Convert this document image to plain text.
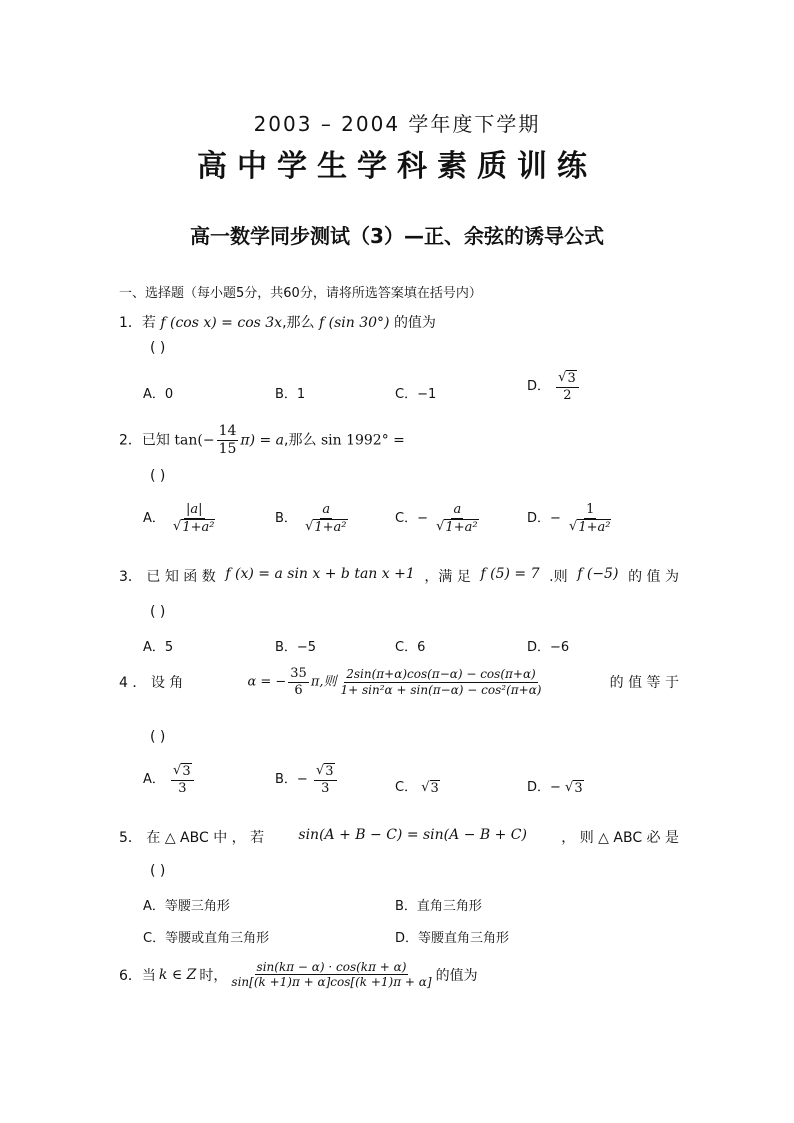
2003 – 2004 学年度下学期
高中学生学科素质训练
高一数学同步测试（3）—正、余弦的诱导公式
一、选择题（每小题5分，共60分，请将所选答案填在括号内）
1．若 f (cos x) = cos 3x,那么 f (sin 30°) 的值为
( )
A．0	B．1	C．−1
D． $\frac{√ 3}{2}$
2．已知 $\tan(- \frac{14}{15} \pi) = a$,那么 sin 1992° =
( )
A． $\frac{|a|}{\text{√ 1+a²}}$	B． $\frac{a}{\text{√ 1+a²}}$	C．− $\frac{a}{\text{√ 1+a²}}$	D．− $\frac{1}{\text{√ 1+a²}}$
3． 已 知 函 数 f (x) = a sin x + b tan x +1 ，满 足 f (5) = 7 .则 f (−5) 的 值 为
( )
A．5	B．−5	C．6	D．−6
4 ． 设 角	α = − $\frac{35}{6} \pi$,则 $\frac{2\sin(\pi+\alpha)\cos(\pi-\alpha) - \cos(\pi+\alpha)}{\text{1+ sin²α + sin(π−α) − cos²(π+α)}}$	的 值 等 于
( )
A． $\frac{√ 3}{3}$	B．− $\frac{√ 3}{3}$	C． √ 3	D．− √ 3
5． 在 △ ABC 中 ， 若 sin(A + B − C) = sin(A − B + C) ， 则 △ ABC 必 是
( )
A．等腰三角形	B．直角三角形
C．等腰或直角三角形	D．等腰直角三角形
6． 当 k ∈ Z 时， $\frac{\sin(k\pi - \alpha) \cdot \cos(k\pi + \alpha)}{\sin[(k +1)\pi + \alpha]\cos[(k +1)\pi + \alpha]}$ 的值为
